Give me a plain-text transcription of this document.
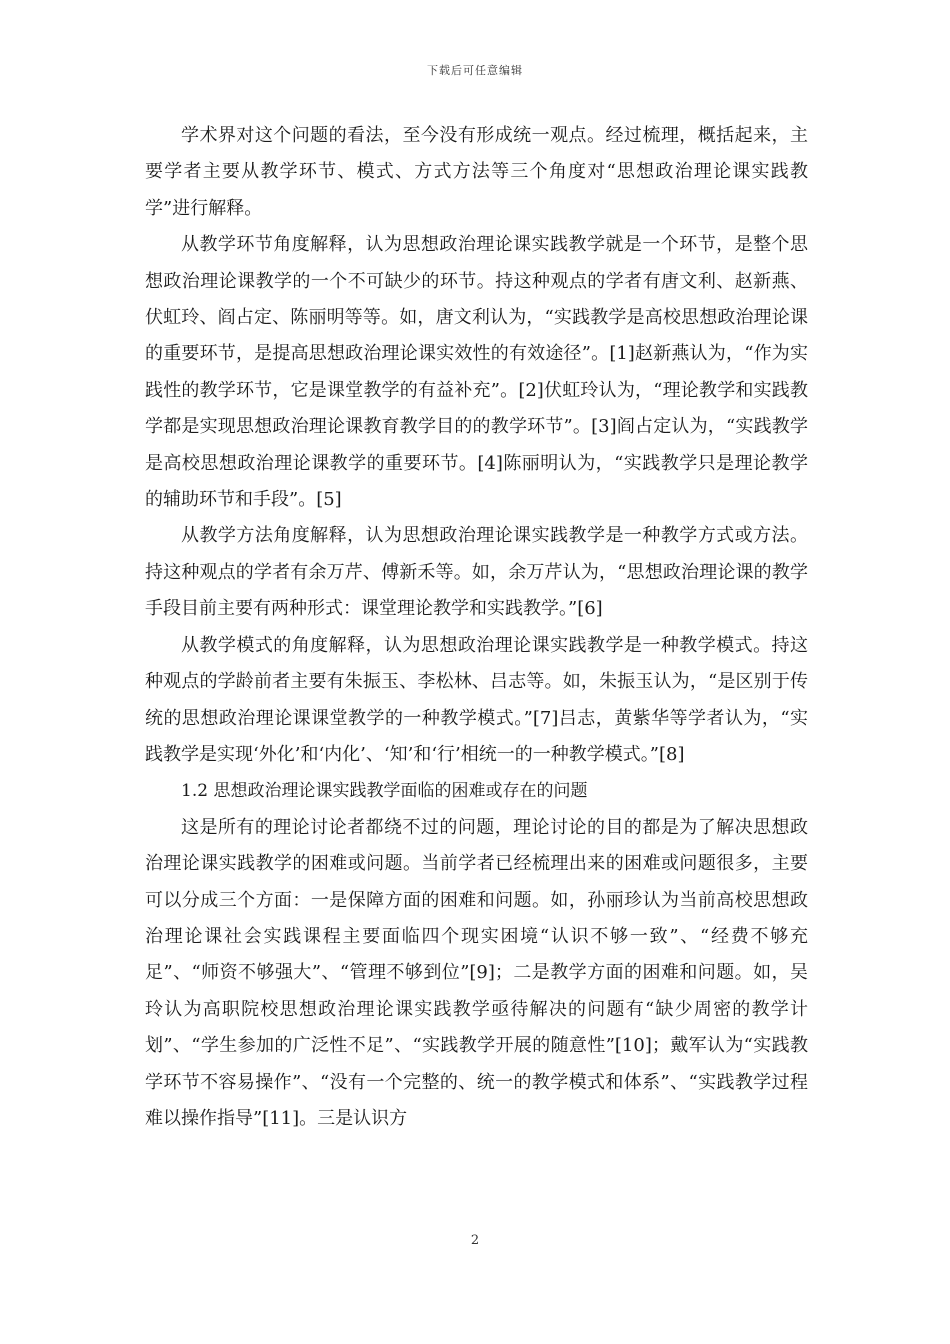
下载后可任意编辑

学术界对这个问题的看法，至今没有形成统一观点。经过梳理，概括起来，主要学者主要从教学环节、模式、方式方法等三个角度对“思想政治理论课实践教学”进行解释。

从教学环节角度解释，认为思想政治理论课实践教学就是一个环节，是整个思想政治理论课教学的一个不可缺少的环节。持这种观点的学者有唐文利、赵新燕、伏虹玲、阎占定、陈丽明等等。如，唐文利认为，“实践教学是高校思想政治理论课的重要环节，是提高思想政治理论课实效性的有效途径”。[1]赵新燕认为，“作为实践性的教学环节，它是课堂教学的有益补充”。[2]伏虹玲认为，“理论教学和实践教学都是实现思想政治理论课教育教学目的的教学环节”。[3]阎占定认为，“实践教学是高校思想政治理论课教学的重要环节。[4]陈丽明认为，“实践教学只是理论教学的辅助环节和手段”。[5]

从教学方法角度解释，认为思想政治理论课实践教学是一种教学方式或方法。持这种观点的学者有余万芹、傅新禾等。如，余万芹认为，“思想政治理论课的教学手段目前主要有两种形式：课堂理论教学和实践教学。”[6]

从教学模式的角度解释，认为思想政治理论课实践教学是一种教学模式。持这种观点的学龄前者主要有朱振玉、李松林、吕志等。如，朱振玉认为，“是区别于传统的思想政治理论课课堂教学的一种教学模式。”[7]吕志，黄紫华等学者认为，“实践教学是实现‘外化’和‘内化’、‘知’和‘行’相统一的一种教学模式。”[8]

1.2 思想政治理论课实践教学面临的困难或存在的问题

这是所有的理论讨论者都绕不过的问题，理论讨论的目的都是为了解决思想政治理论课实践教学的困难或问题。当前学者已经梳理出来的困难或问题很多，主要可以分成三个方面：一是保障方面的困难和问题。如，孙丽珍认为当前高校思想政治理论课社会实践课程主要面临四个现实困境“认识不够一致”、“经费不够充足”、“师资不够强大”、“管理不够到位”[9]；二是教学方面的困难和问题。如，吴玲认为高职院校思想政治理论课实践教学亟待解决的问题有“缺少周密的教学计划”、“学生参加的广泛性不足”、“实践教学开展的随意性”[10]；戴军认为“实践教学环节不容易操作”、“没有一个完整的、统一的教学模式和体系”、“实践教学过程难以操作指导”[11]。三是认识方

2
